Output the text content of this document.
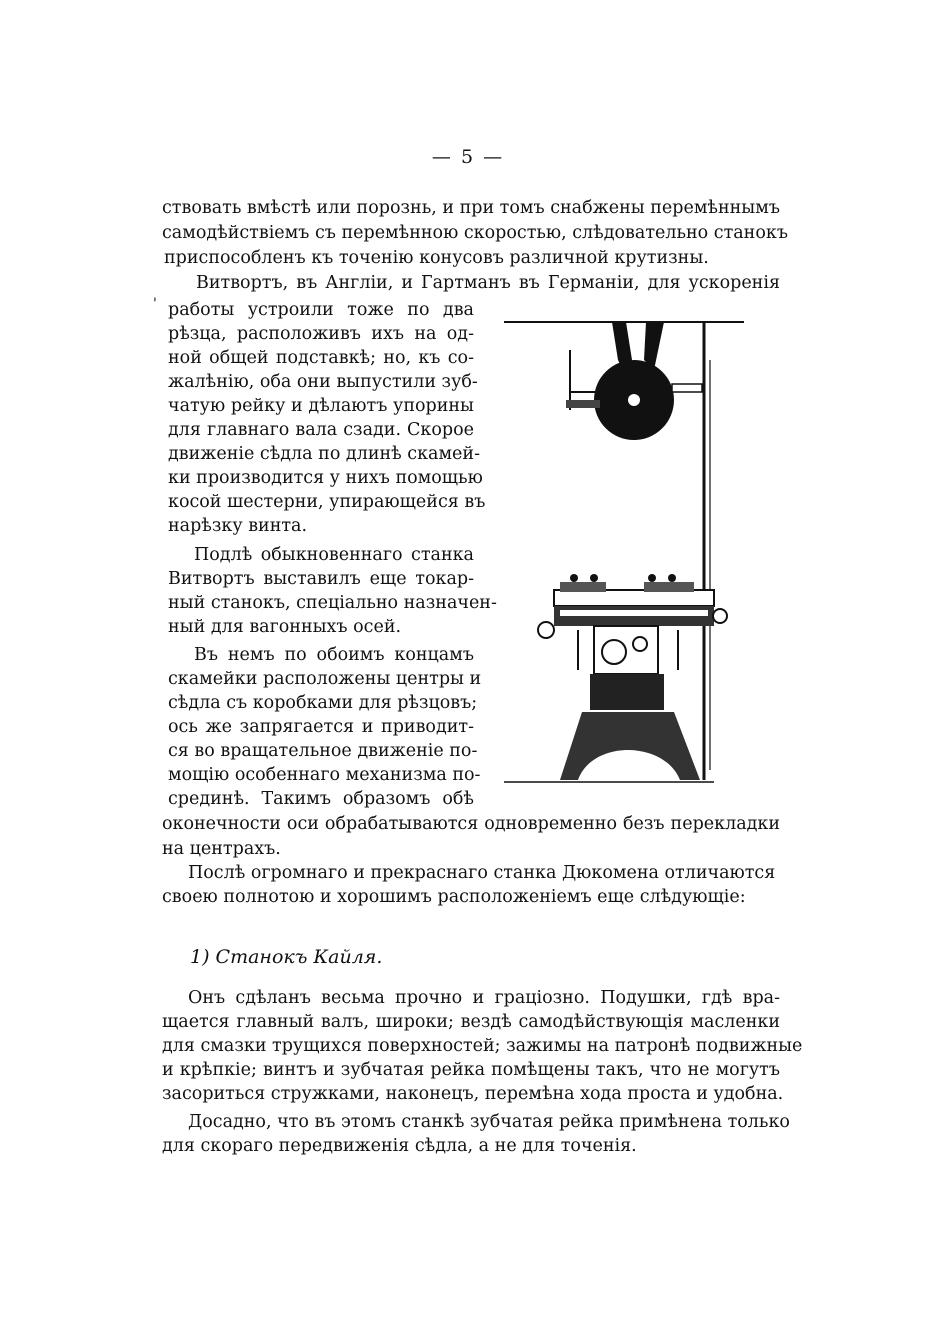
— 5 —
ствовать вмѣстѣ или порознь, и при томъ снабжены перемѣннымъ
самодѣйствіемъ съ перемѣнною скоростью, слѣдовательно станокъ
приспособленъ къ точенію конусовъ различной крутизны.
Витвортъ, въ Англіи, и Гартманъ въ Германіи, для ускоренія
' работы устроили тоже по два
рѣзца, расположивъ ихъ на од-
ной общей подставкѣ; но, къ со-
жалѣнію, оба они выпустили зуб-
чатую рейку и дѣлаютъ упорины
для главнаго вала сзади. Скорое
движеніе сѣдла по длинѣ скамей-
ки производится у нихъ помощью
косой шестерни, упирающейся въ
нарѣзку винта.
Подлѣ обыкновеннаго станка
Витвортъ выставилъ еще токар-
ный станокъ, спеціально назначен-
ный для вагонныхъ осей.
Въ немъ по обоимъ концамъ
скамейки расположены центры и
сѣдла съ коробками для рѣзцовъ;
ось же запрягается и приводит-
ся во вращательное движеніе по-
мощію особеннаго механизма по-
срединѣ. Такимъ образомъ обѣ
оконечности оси обрабатываются одновременно безъ перекладки
на центрахъ.
Послѣ огромнаго и прекраснаго станка Дюкомена отличаются
своею полнотою и хорошимъ расположеніемъ еще слѣдующіе:
1) Станокъ Кайля.
Онъ сдѣланъ весьма прочно и граціозно. Подушки, гдѣ вра-
щается главный валъ, широки; вездѣ самодѣйствующія масленки
для смазки трущихся поверхностей; зажимы на патронѣ подвижные
и крѣпкіе; винтъ и зубчатая рейка помѣщены такъ, что не могутъ
засориться стружками, наконецъ, перемѣна хода проста и удобна.
Досадно, что въ этомъ станкѣ зубчатая рейка примѣнена только
для скораго передвиженія сѣдла, а не для точенія.
